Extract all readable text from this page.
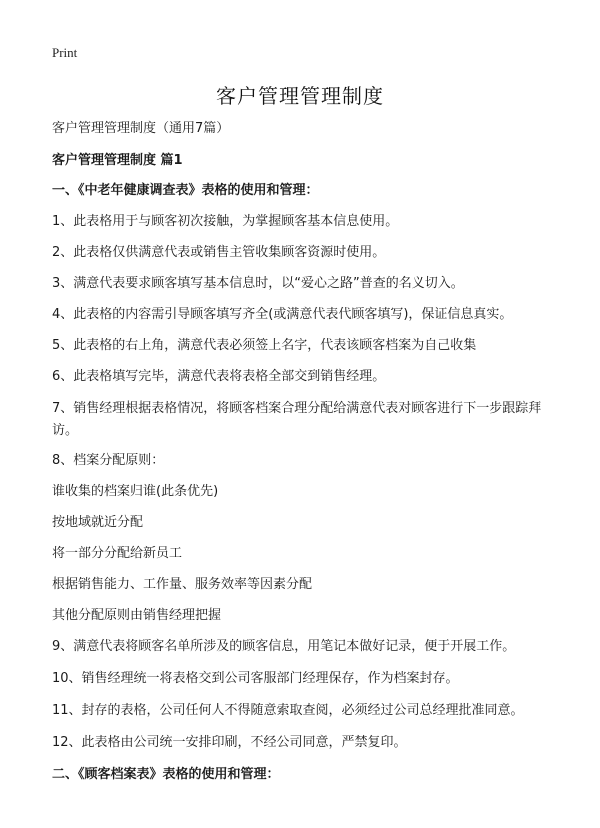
Print
客户管理管理制度
客户管理管理制度（通用7篇）
客户管理管理制度 篇1
一、《中老年健康调查表》表格的使用和管理：
1、此表格用于与顾客初次接触，为掌握顾客基本信息使用。
2、此表格仅供满意代表或销售主管收集顾客资源时使用。
3、满意代表要求顾客填写基本信息时，以“爱心之路”普查的名义切入。
4、此表格的内容需引导顾客填写齐全(或满意代表代顾客填写)，保证信息真实。
5、此表格的右上角，满意代表必须签上名字，代表该顾客档案为自己收集
6、此表格填写完毕，满意代表将表格全部交到销售经理。
7、销售经理根据表格情况，将顾客档案合理分配给满意代表对顾客进行下一步跟踪拜访。
8、档案分配原则：
谁收集的档案归谁(此条优先)
按地域就近分配
将一部分分配给新员工
根据销售能力、工作量、服务效率等因素分配
其他分配原则由销售经理把握
9、满意代表将顾客名单所涉及的顾客信息，用笔记本做好记录，便于开展工作。
10、销售经理统一将表格交到公司客服部门经理保存，作为档案封存。
11、封存的表格，公司任何人不得随意索取查阅，必须经过公司总经理批准同意。
12、此表格由公司统一安排印刷，不经公司同意，严禁复印。
二、《顾客档案表》表格的使用和管理：
